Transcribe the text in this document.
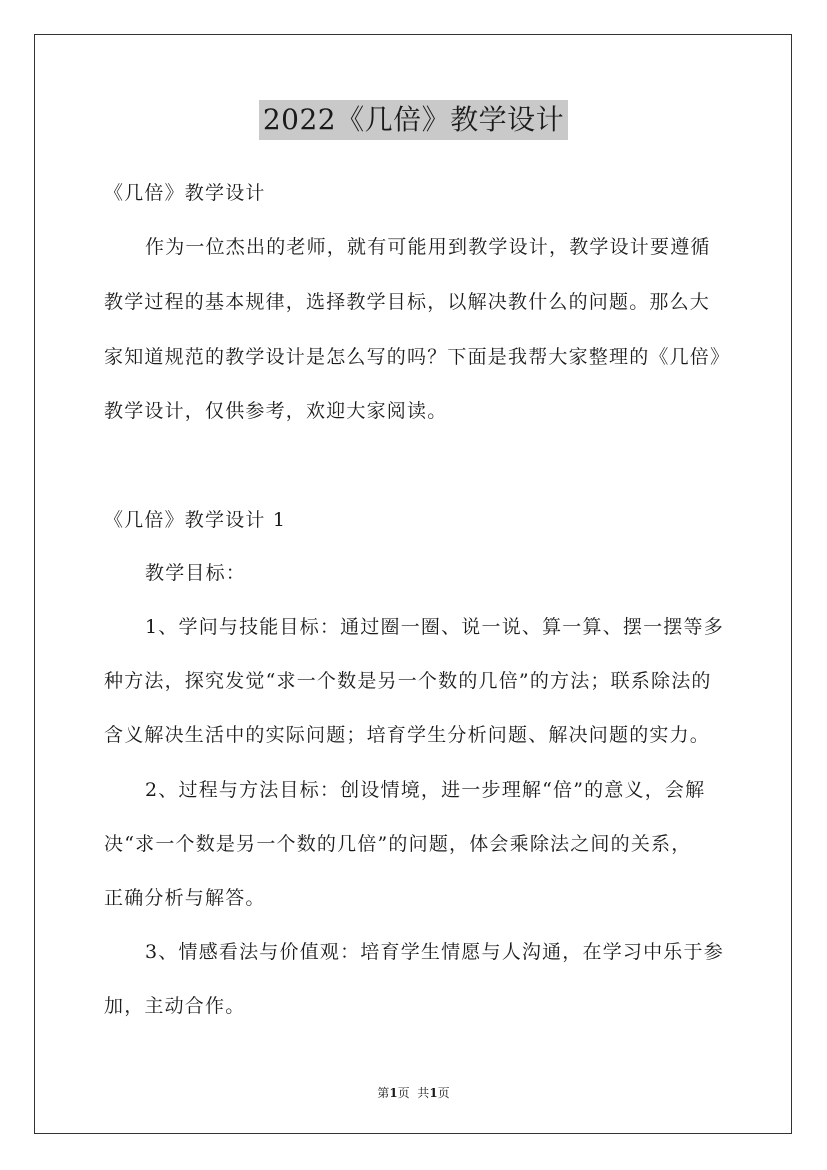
2022《几倍》教学设计
《几倍》教学设计
作为一位杰出的老师，就有可能用到教学设计，教学设计要遵循
教学过程的基本规律，选择教学目标，以解决教什么的问题。那么大
家知道规范的教学设计是怎么写的吗？下面是我帮大家整理的《几倍》
教学设计，仅供参考，欢迎大家阅读。
《几倍》教学设计 1
教学目标：
1、学问与技能目标：通过圈一圈、说一说、算一算、摆一摆等多
种方法，探究发觉“求一个数是另一个数的几倍”的方法；联系除法的
含义解决生活中的实际问题；培育学生分析问题、解决问题的实力。
2、过程与方法目标：创设情境，进一步理解“倍”的意义，会解
决“求一个数是另一个数的几倍”的问题，体会乘除法之间的关系，
正确分析与解答。
3、情感看法与价值观：培育学生情愿与人沟通，在学习中乐于参
加，主动合作。
第1页  共1页
